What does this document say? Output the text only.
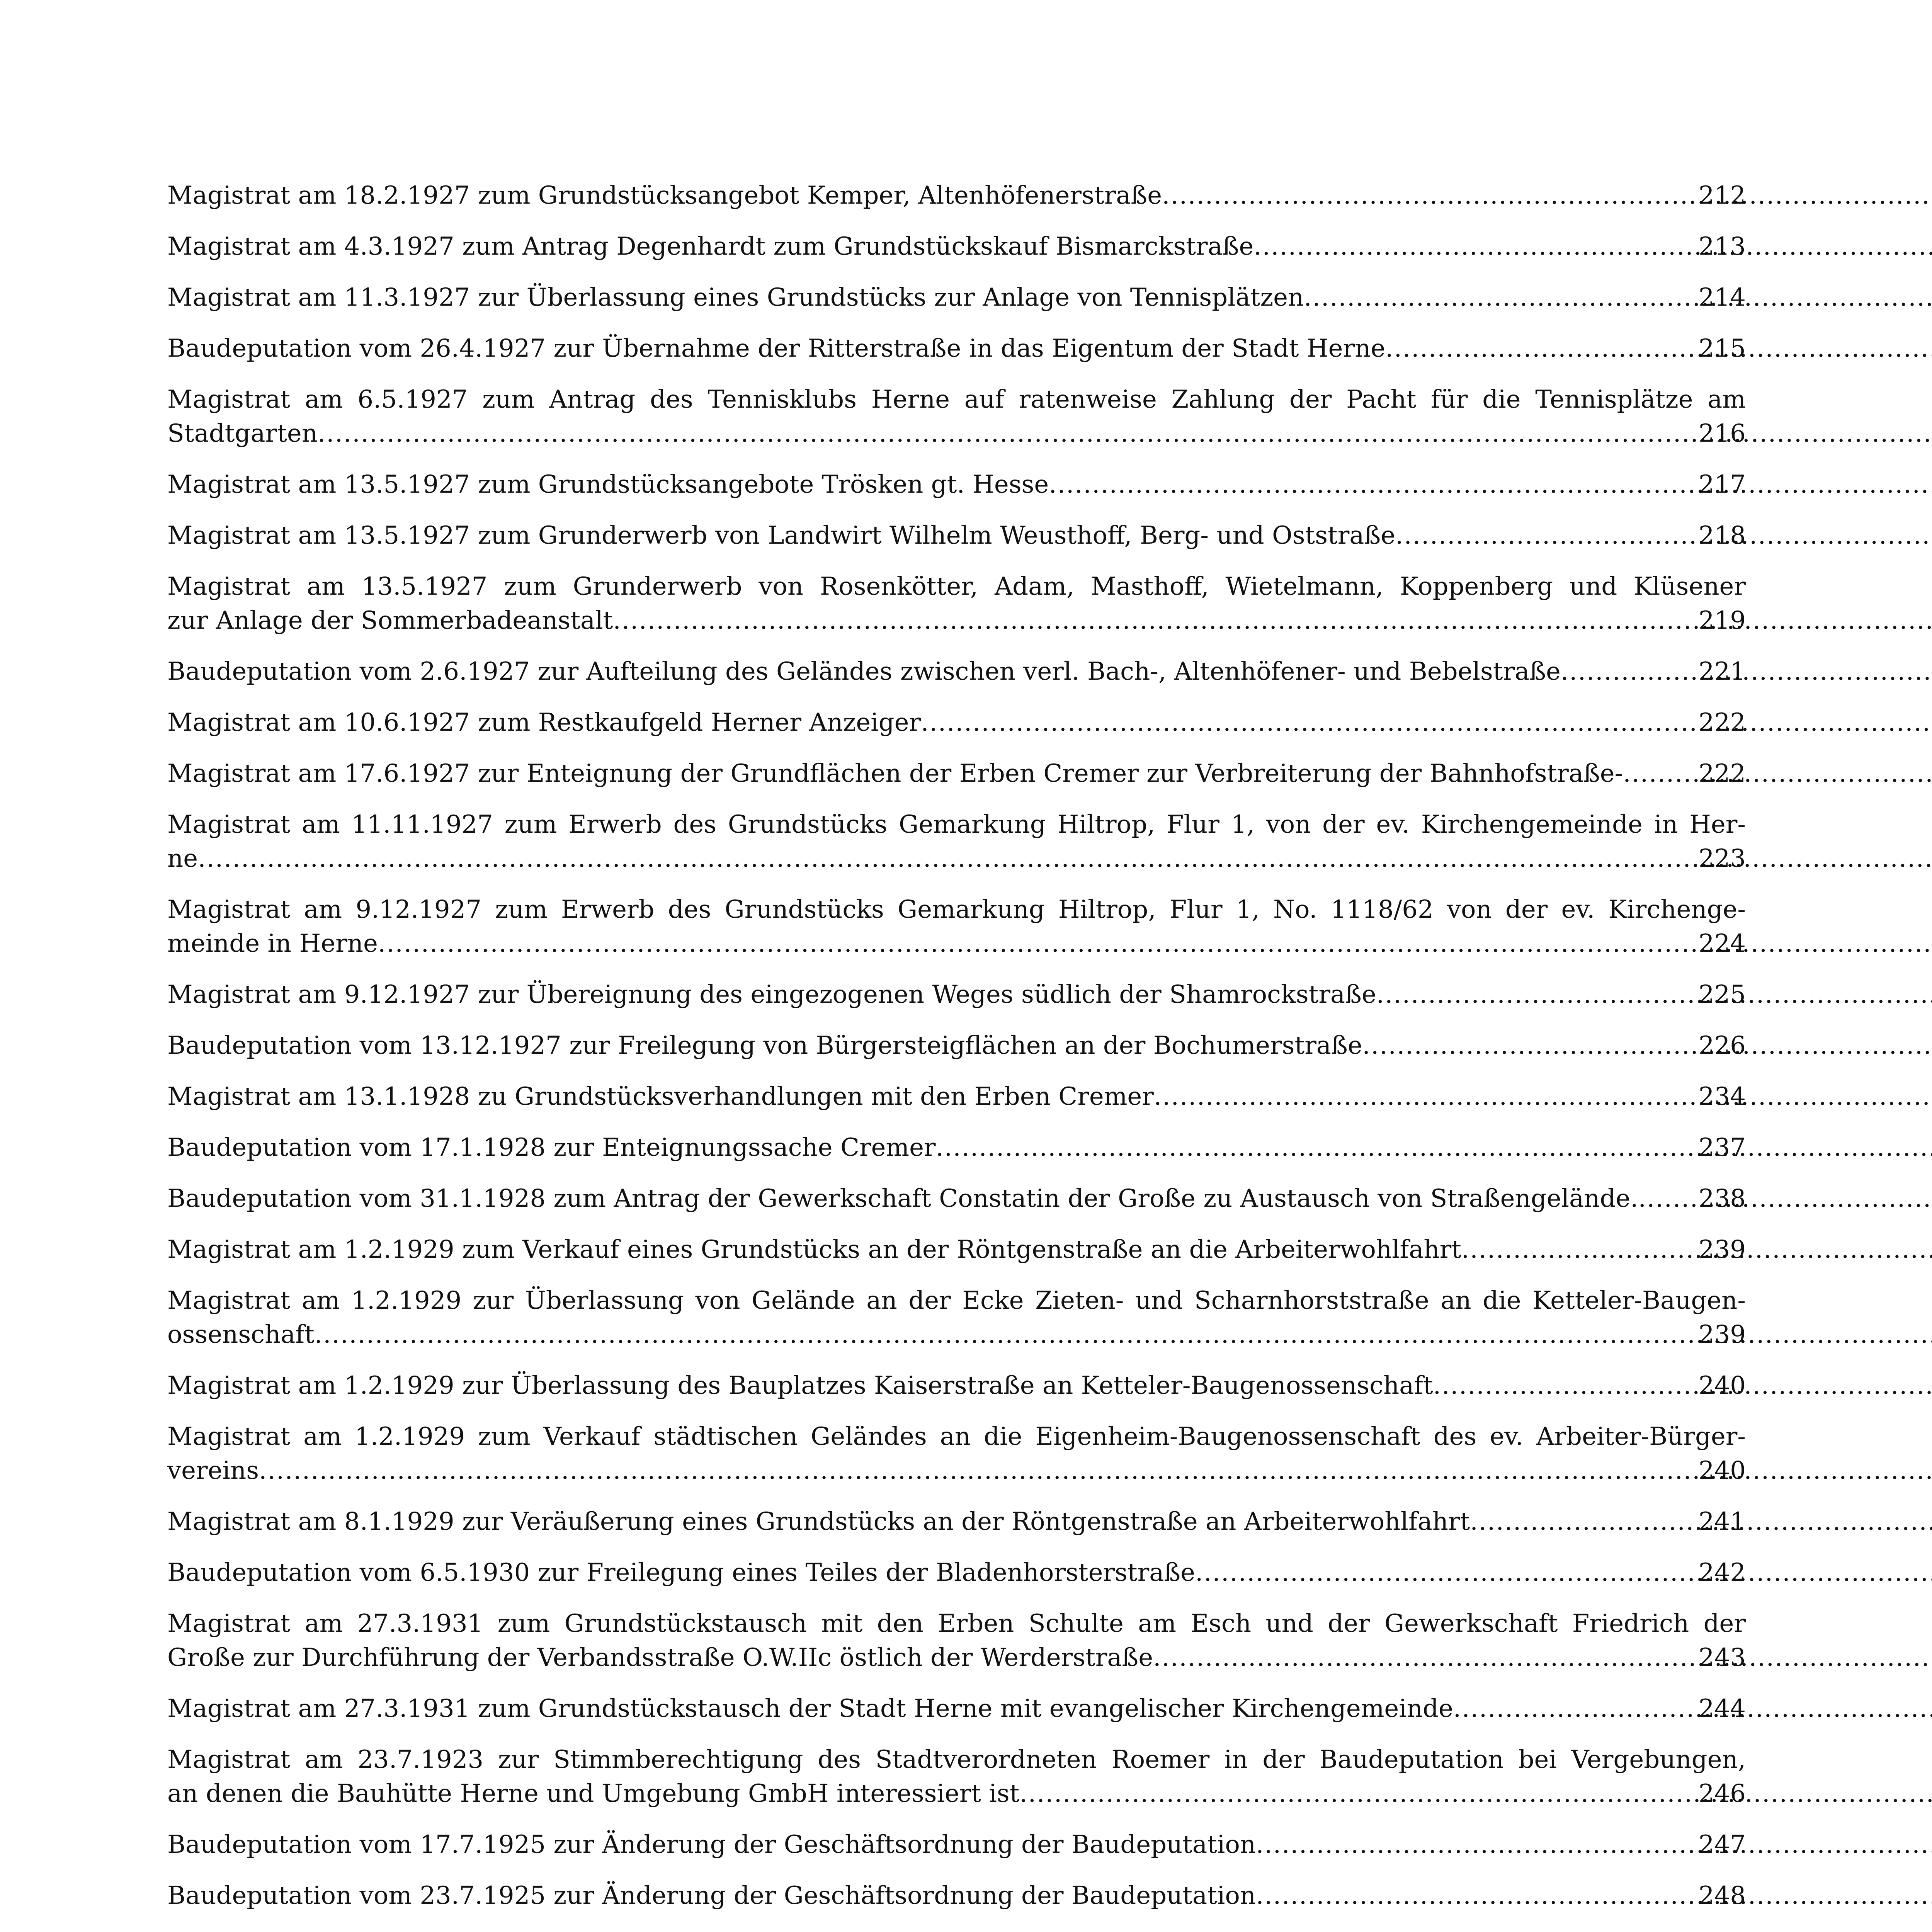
Magistrat am 18.2.1927 zum Grundstücksangebot Kemper, Altenhöfenerstraße .....	212
Magistrat am 4.3.1927 zum Antrag Degenhardt zum Grundstückskauf Bismarckstraße .....	213
Magistrat am 11.3.1927 zur Überlassung eines Grundstücks zur Anlage von Tennisplätzen .....	214
Baudeputation vom 26.4.1927 zur Übernahme der Ritterstraße in das Eigentum der Stadt Herne .....	215
Magistrat am 6.5.1927 zum Antrag des Tennisklubs Herne auf ratenweise Zahlung der Pacht für die Tennisplätze am
Stadtgarten .....	216
Magistrat am 13.5.1927 zum Grundstücksangebote Trösken gt. Hesse .....	217
Magistrat am 13.5.1927 zum Grunderwerb von Landwirt Wilhelm Weusthoff, Berg- und Oststraße .....	218
Magistrat am 13.5.1927 zum Grunderwerb von Rosenkötter, Adam, Masthoff, Wietelmann, Koppenberg und Klüsener
zur Anlage der Sommerbadeanstalt .....	219
Baudeputation vom 2.6.1927 zur Aufteilung des Geländes zwischen verl. Bach-, Altenhöfener- und Bebelstraße .....	221
Magistrat am 10.6.1927 zum Restkaufgeld Herner Anzeiger .....	222
Magistrat am 17.6.1927 zur Enteignung der Grundflächen der Erben Cremer zur Verbreiterung der Bahnhofstraße- .....	222
Magistrat am 11.11.1927 zum Erwerb des Grundstücks Gemarkung Hiltrop, Flur 1, von der ev. Kirchengemeinde in Her-
ne .....	223
Magistrat am 9.12.1927 zum Erwerb des Grundstücks Gemarkung Hiltrop, Flur 1, No. 1118/62 von der ev. Kirchenge-
meinde in Herne .....	224
Magistrat am 9.12.1927 zur Übereignung des eingezogenen Weges südlich der Shamrockstraße .....	225
Baudeputation vom 13.12.1927 zur Freilegung von Bürgersteigflächen an der Bochumerstraße .....	226
Magistrat am 13.1.1928 zu Grundstücksverhandlungen mit den Erben Cremer .....	234
Baudeputation vom 17.1.1928 zur Enteignungssache Cremer .....	237
Baudeputation vom 31.1.1928 zum Antrag der Gewerkschaft Constatin der Große zu Austausch von Straßengelände. ..... 238
Magistrat am 1.2.1929 zum Verkauf eines Grundstücks an der Röntgenstraße an die Arbeiterwohlfahrt .....	239
Magistrat am 1.2.1929 zur Überlassung von Gelände an der Ecke Zieten- und Scharnhorststraße an die Ketteler-Baugen-
ossenschaft .....	239
Magistrat am 1.2.1929 zur Überlassung des Bauplatzes Kaiserstraße an Ketteler-Baugenossenschaft .....	240
Magistrat am 1.2.1929 zum Verkauf städtischen Geländes an die Eigenheim-Baugenossenschaft des ev. Arbeiter-Bürger-
vereins .....	240
Magistrat am 8.1.1929 zur Veräußerung eines Grundstücks an der Röntgenstraße an Arbeiterwohlfahrt .....	241
Baudeputation vom 6.5.1930 zur Freilegung eines Teiles der Bladenhorsterstraße .....	242
Magistrat am 27.3.1931 zum Grundstückstausch mit den Erben Schulte am Esch und der Gewerkschaft Friedrich der
Große zur Durchführung der Verbandsstraße O.W.IIc östlich der Werderstraße .....	243
Magistrat am 27.3.1931 zum Grundstückstausch der Stadt Herne mit evangelischer Kirchengemeinde .....	244
Magistrat am 23.7.1923 zur Stimmberechtigung des Stadtverordneten Roemer in der Baudeputation bei Vergebungen,
an denen die Bauhütte Herne und Umgebung GmbH interessiert ist .....	246
Baudeputation vom 17.7.1925 zur Änderung der Geschäftsordnung der Baudeputation .....	247
Baudeputation vom 23.7.1925 zur Änderung der Geschäftsordnung der Baudeputation .....	248
